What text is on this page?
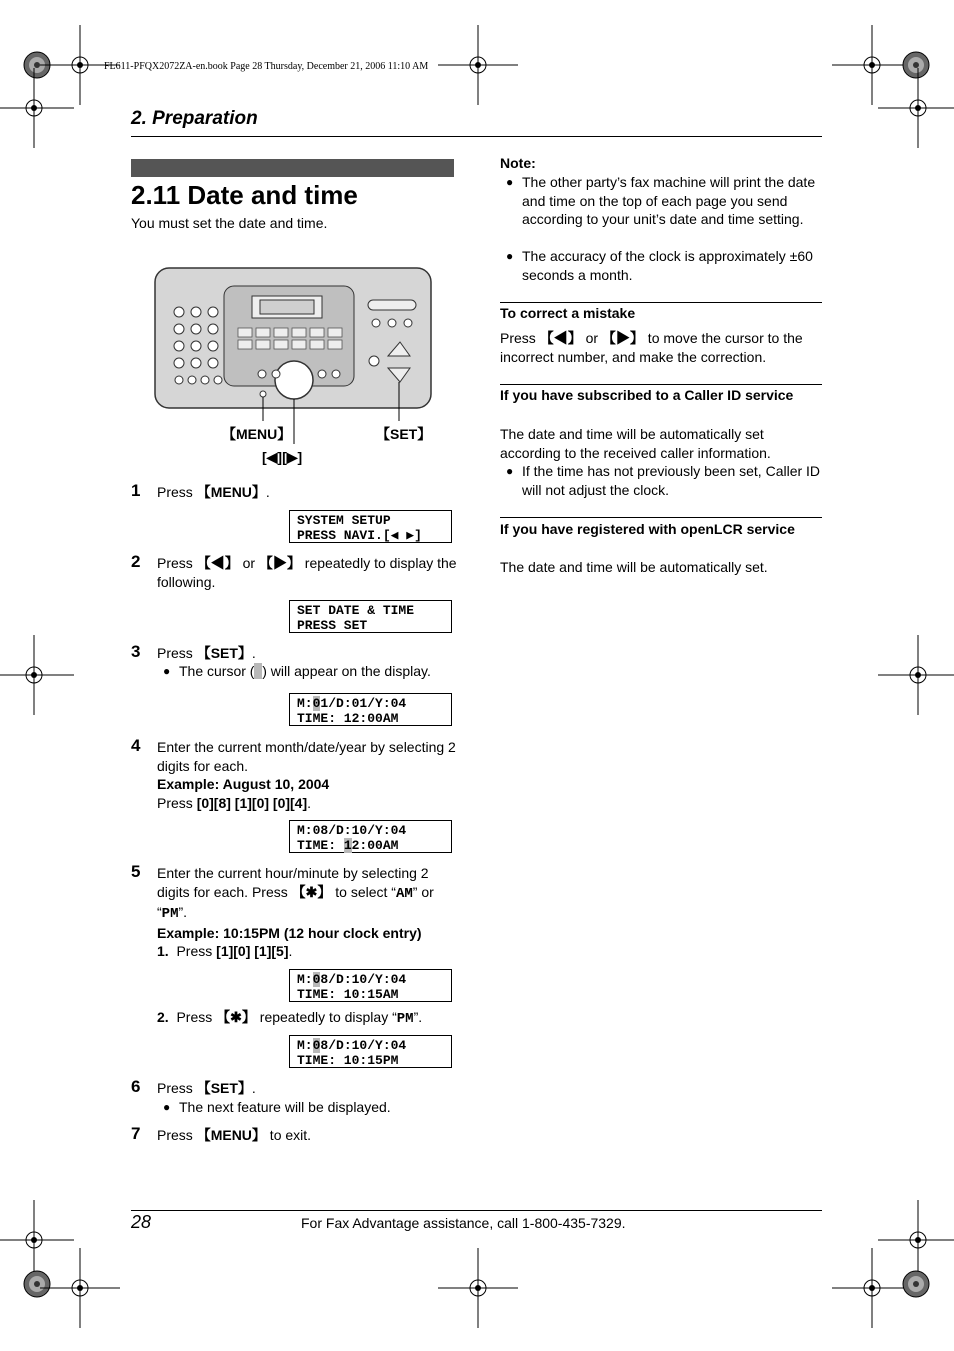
FL611-PFQX2072ZA-en.book Page 28 Thursday, December 21, 2006 11:10 AM
2. Preparation
2.11 Date and time
You must set the date and time.
【MENU】	【SET】
[◀][▶]
1 Press 【MENU】.
SYSTEM SETUP
PRESS NAVI.[◀ ▶]
2 Press 【◀】 or 【▶】 repeatedly to display the following.
SET DATE & TIME
PRESS SET
3 Press 【SET】.
● The cursor ( ) will appear on the display.
M:01/D:01/Y:04
TIME: 12:00AM
4 Enter the current month/date/year by selecting 2 digits for each.
Example: August 10, 2004
Press [0][8] [1][0] [0][4].
M:08/D:10/Y:04
TIME: 12:00AM
5 Enter the current hour/minute by selecting 2 digits for each. Press 【✱】 to select “AM” or “PM”.
Example: 10:15PM (12 hour clock entry)
1. Press [1][0] [1][5].
M:08/D:10/Y:04
TIME: 10:15AM
2. Press 【✱】 repeatedly to display “PM”.
M:08/D:10/Y:04
TIME: 10:15PM
6 Press 【SET】.
● The next feature will be displayed.
7 Press 【MENU】 to exit.
Note:
● The other party’s fax machine will print the date and time on the top of each page you send according to your unit’s date and time setting.
● The accuracy of the clock is approximately ±60 seconds a month.
To correct a mistake
Press 【◀】 or 【▶】 to move the cursor to the incorrect number, and make the correction.
If you have subscribed to a Caller ID service
The date and time will be automatically set according to the received caller information.
● If the time has not previously been set, Caller ID will not adjust the clock.
If you have registered with openLCR service
The date and time will be automatically set.
28	For Fax Advantage assistance, call 1-800-435-7329.
